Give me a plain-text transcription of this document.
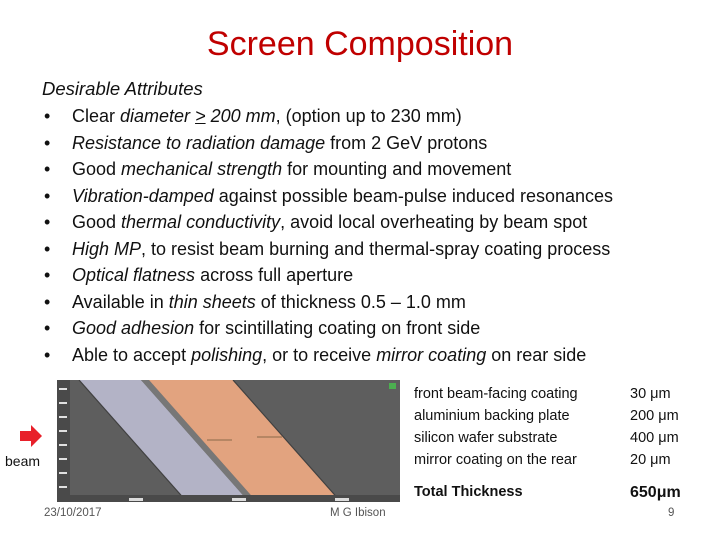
Screen Composition
Desirable Attributes
• Clear diameter > 200 mm, (option up to 230 mm)
• Resistance to radiation damage from 2 GeV protons
• Good mechanical strength for mounting and movement
• Vibration-damped against possible beam-pulse induced resonances
• Good thermal conductivity, avoid local overheating by beam spot
• High MP, to resist beam burning and thermal-spray coating process
• Optical flatness across full aperture
• Available in thin sheets of thickness 0.5 – 1.0 mm
• Good adhesion for scintillating coating on front side
• Able to accept polishing, or to receive mirror coating on rear side
beam
front beam-facing coating	30 μm
aluminium backing plate	200 μm
silicon wafer substrate	400 μm
mirror coating on the rear	20 μm
Total Thickness	650μm
23/10/2017	M G Ibison	9
